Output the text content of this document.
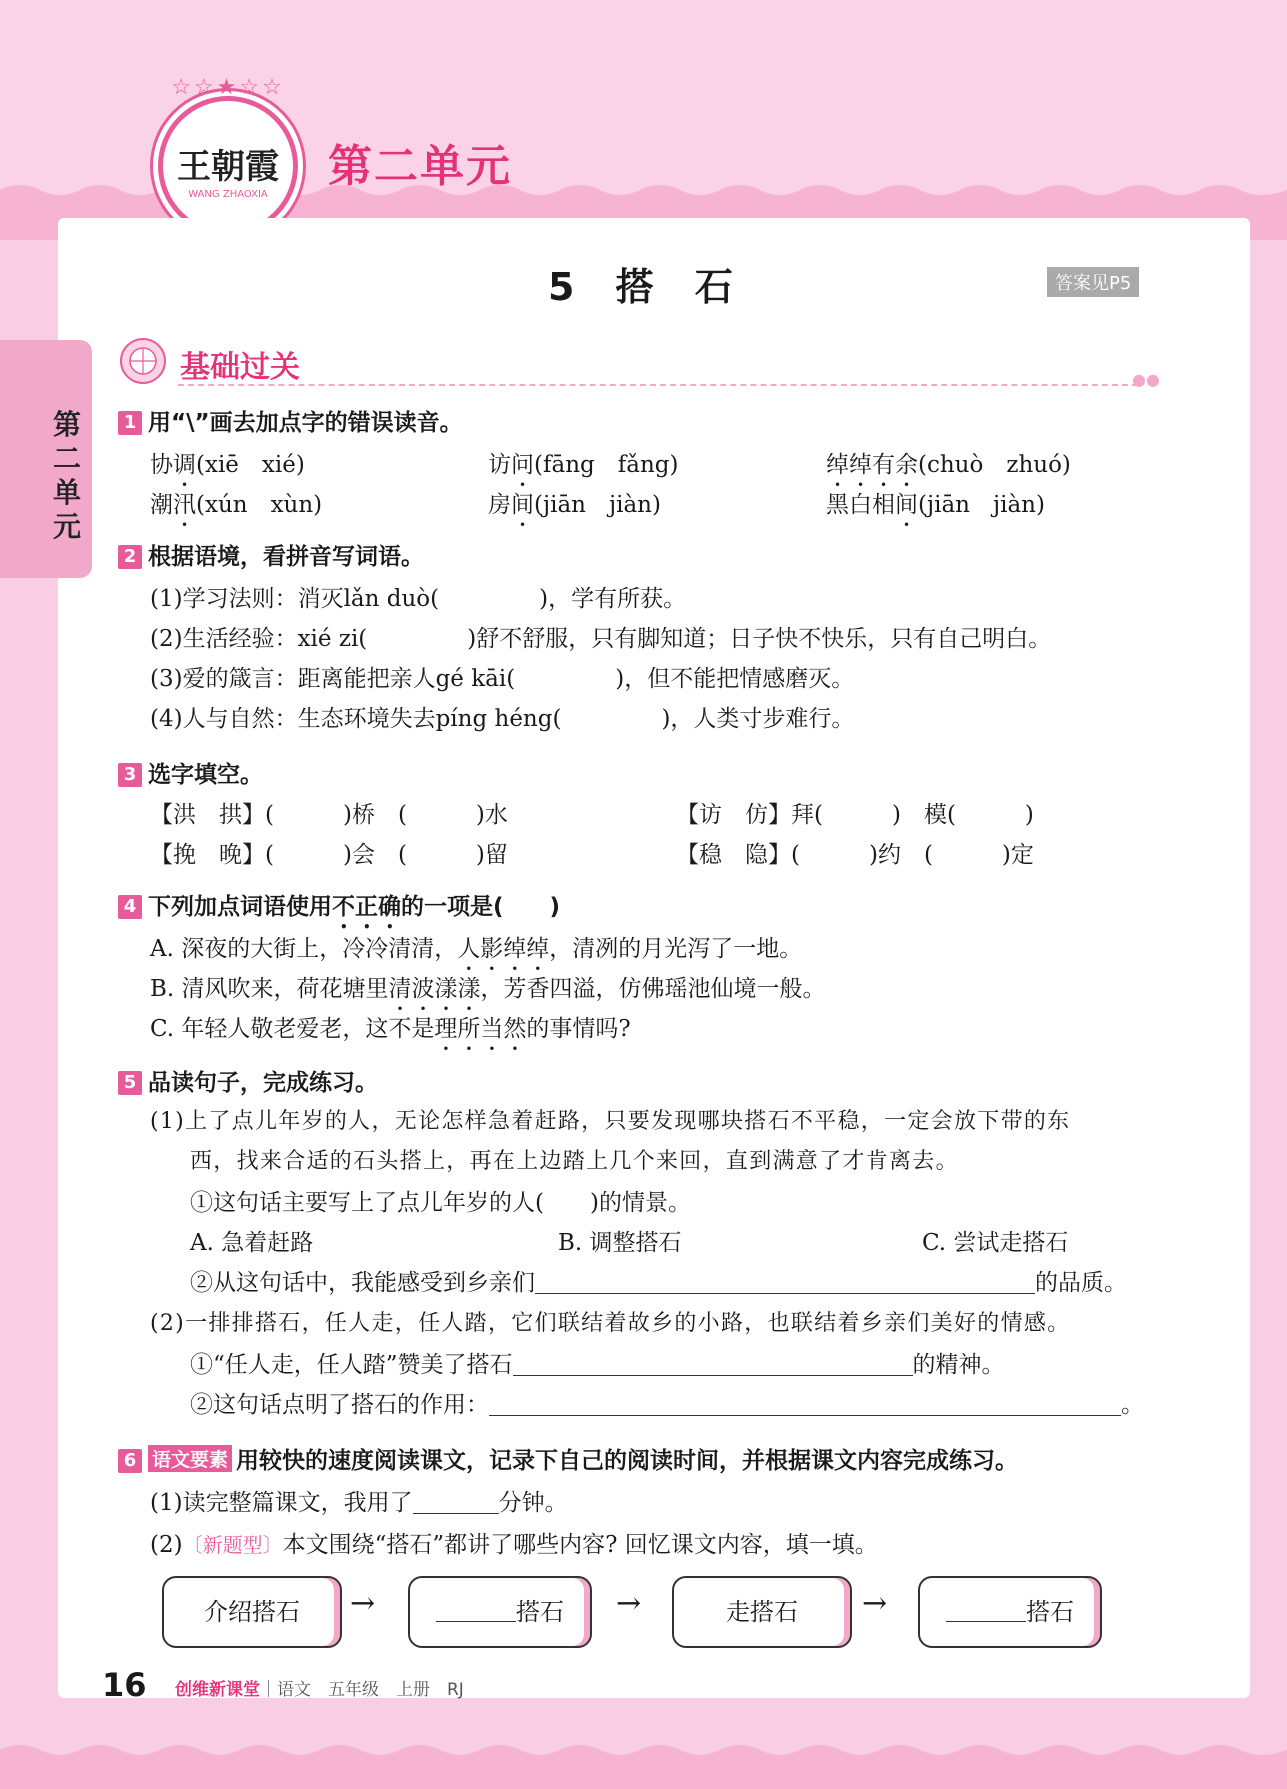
☆☆★☆☆
王朝霞
WANG ZHAOXIA
第二单元
第二单元
5 搭 石	答案见P5
基础过关	●●
1 用“\”画去加点字的错误读音。
协调(xiē　xié)	访问(fāng　fǎng)	绰绰有余(chuò　zhuó)
潮汛(xún　xùn)	房间(jiān　jiàn)	黑白相间(jiān　jiàn)
2 根据语境，看拼音写词语。
(1)学习法则：消灭lǎn duò(	)，学有所获。
(2)生活经验：xié zi(	)舒不舒服，只有脚知道；日子快不快乐，只有自己明白。
(3)爱的箴言：距离能把亲人gé kāi(	)，但不能把情感磨灭。
(4)人与自然：生态环境失去píng héng(	)，人类寸步难行。
3 选字填空。
【洪　拱】(　　　)桥　(　　　)水	【访　仿】拜(　　　)　模(　　　)
【挽　晚】(　　　)会　(　　　)留	【稳　隐】(　　　)约　(　　　)定
4 下列加点词语使用不正确的一项是(　　)
A. 深夜的大街上，冷冷清清，人影绰绰，清冽的月光泻了一地。
B. 清风吹来，荷花塘里清波漾漾，芳香四溢，仿佛瑶池仙境一般。
C. 年轻人敬老爱老，这不是理所当然的事情吗?
5 品读句子，完成练习。
(1)上了点儿年岁的人，无论怎样急着赶路，只要发现哪块搭石不平稳，一定会放下带的东
西，找来合适的石头搭上，再在上边踏上几个来回，直到满意了才肯离去。
①这句话主要写上了点儿年岁的人(　　)的情景。
A. 急着赶路	B. 调整搭石	C. 尝试走搭石
②从这句话中，我能感受到乡亲们	的品质。
(2)一排排搭石，任人走，任人踏，它们联结着故乡的小路，也联结着乡亲们美好的情感。
①“任人走，任人踏”赞美了搭石	的精神。
②这句话点明了搭石的作用：	。
6 语文要素 用较快的速度阅读课文，记录下自己的阅读时间，并根据课文内容完成练习。
(1)读完整篇课文，我用了	分钟。
(2)〔新题型〕本文围绕“搭石”都讲了哪些内容? 回忆课文内容，填一填。
介绍搭石	→	搭石	→	走搭石	→	搭石
16 创维新课堂｜语文　五年级　上册　RJ
